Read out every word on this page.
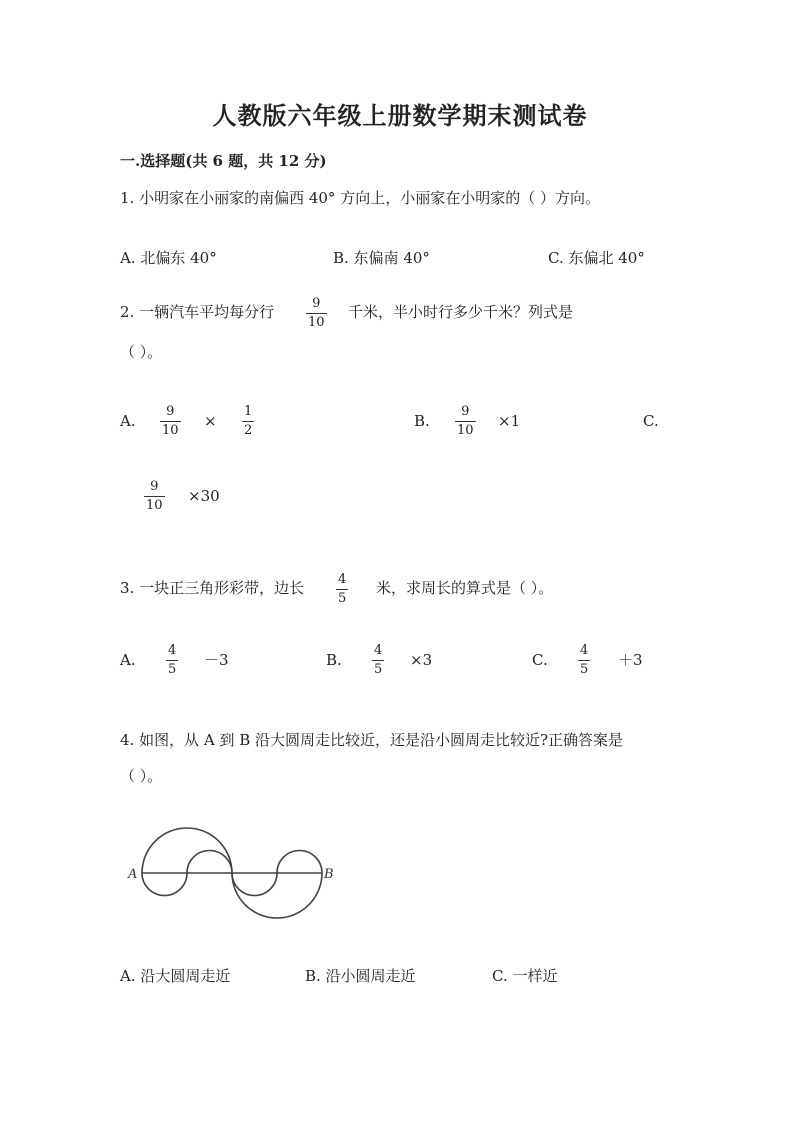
人教版六年级上册数学期末测试卷
一.选择题(共 6 题，共 12 分)
1. 小明家在小丽家的南偏西 40° 方向上，小丽家在小明家的（ ）方向。
A. 北偏东 40°	B. 东偏南 40°	C. 东偏北 40°
2. 一辆汽车平均每分行	9
10
千米，半小时行多少千米？列式是
（ ）。
A.
9
10
×
1
2
B.
9
10
×1	C.
9
10
×30
3. 一块正三角形彩带，边长	4
5
米，求周长的算式是（ ）。
A.
4
5
－3	B.
4
5
×3	C.
4
5
＋3
4. 如图，从 A 到 B 沿大圆周走比较近，还是沿小圆周走比较近?正确答案是
（ ）。
A	B
A. 沿大圆周走近	B. 沿小圆周走近	C. 一样近
